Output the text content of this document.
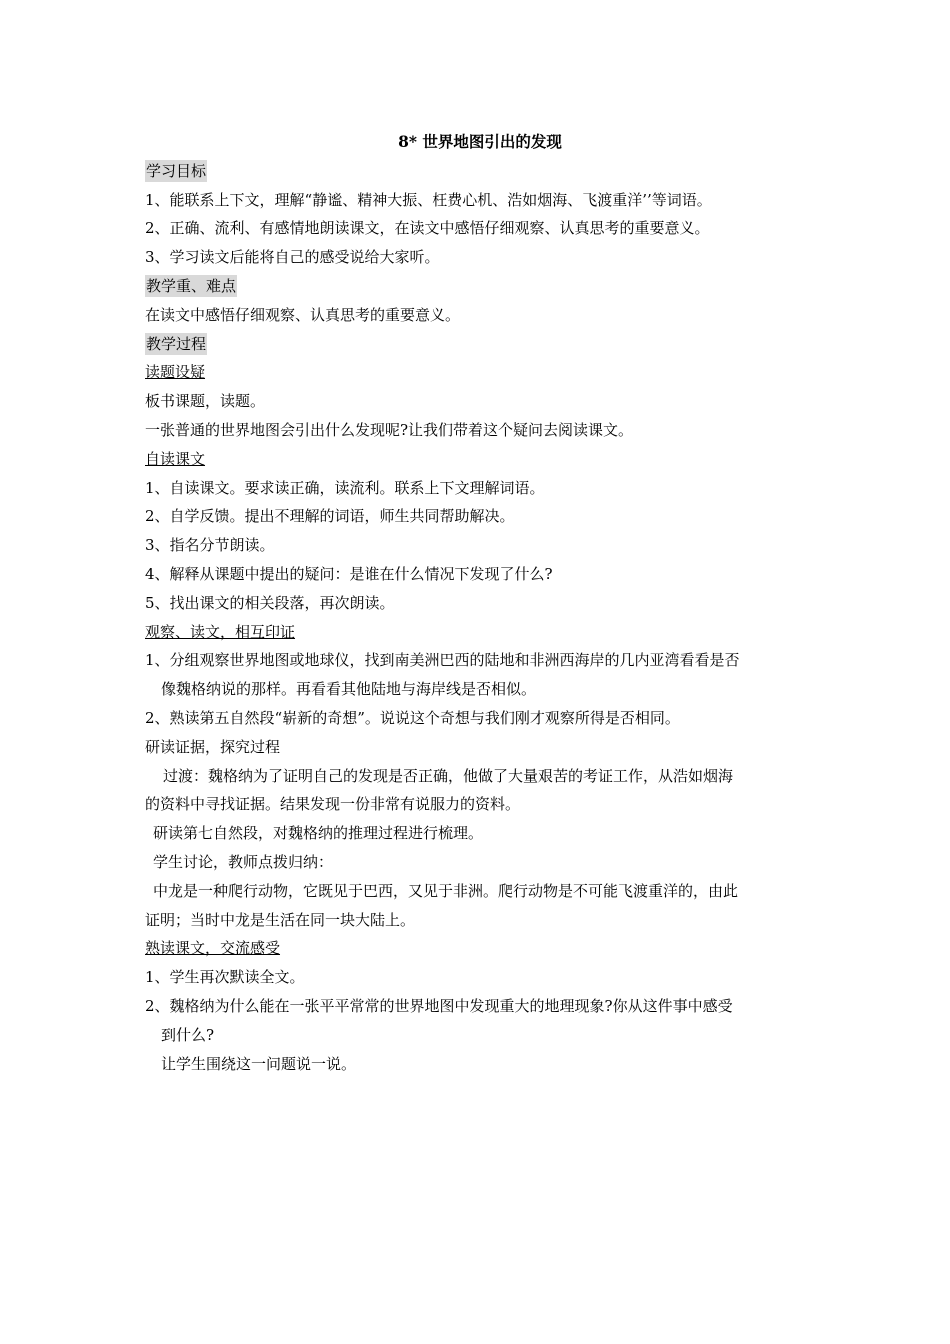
8* 世界地图引出的发现
学习目标
1、能联系上下文，理解“静谧、精神大振、枉费心机、浩如烟海、飞渡重洋’’等词语。
2、正确、流利、有感情地朗读课文，在读文中感悟仔细观察、认真思考的重要意义。
3、学习读文后能将自己的感受说给大家听。
教学重、难点
在读文中感悟仔细观察、认真思考的重要意义。
教学过程
读题设疑
板书课题，读题。
一张普通的世界地图会引出什么发现呢?让我们带着这个疑问去阅读课文。
自读课文
1、自读课文。要求读正确，读流利。联系上下文理解词语。
2、自学反馈。提出不理解的词语，师生共同帮助解决。
3、指名分节朗读。
4、解释从课题中提出的疑问：是谁在什么情况下发现了什么?
5、找出课文的相关段落，再次朗读。
观察、读文，相互印证
1、分组观察世界地图或地球仪，找到南美洲巴西的陆地和非洲西海岸的几内亚湾看看是否
像魏格纳说的那样。再看看其他陆地与海岸线是否相似。
2、熟读第五自然段“崭新的奇想”。说说这个奇想与我们刚才观察所得是否相同。
研读证据，探究过程
过渡：魏格纳为了证明自己的发现是否正确，他做了大量艰苦的考证工作，从浩如烟海
的资料中寻找证据。结果发现一份非常有说服力的资料。
研读第七自然段，对魏格纳的推理过程进行梳理。
学生讨论，教师点拨归纳：
中龙是一种爬行动物，它既见于巴西，又见于非洲。爬行动物是不可能飞渡重洋的，由此
证明；当时中龙是生活在同一块大陆上。
熟读课文，交流感受
1、学生再次默读全文。
2、魏格纳为什么能在一张平平常常的世界地图中发现重大的地理现象?你从这件事中感受
到什么?
让学生围绕这一问题说一说。
